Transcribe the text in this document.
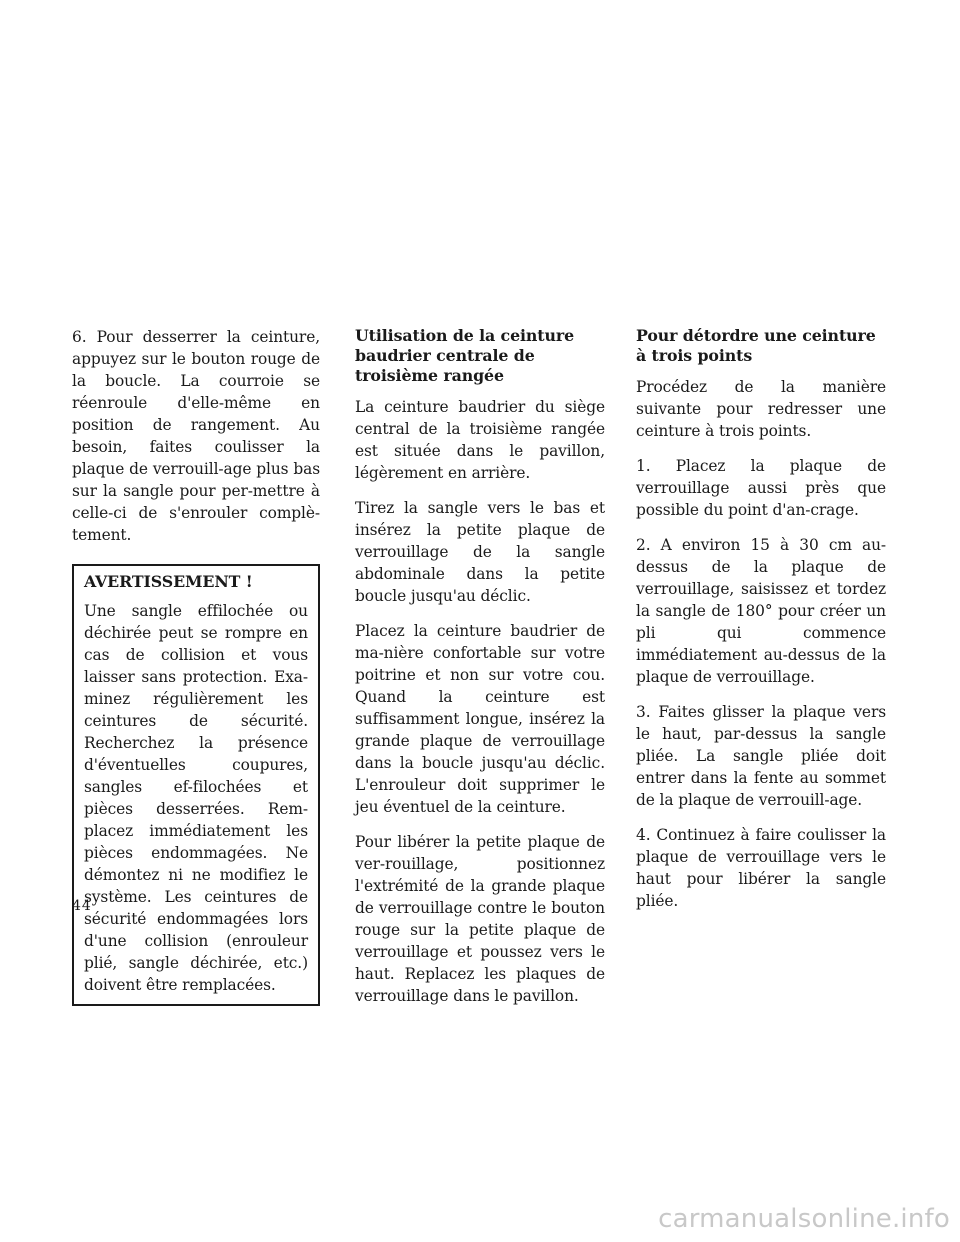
6. Pour desserrer la ceinture, appuyez sur le bouton rouge de la boucle. La courroie se réenroule d'elle-même en position de rangement. Au besoin, faites coulisser la plaque de verrouill-age plus bas sur la sangle pour per-mettre à celle-ci de s'enrouler complè-tement.

AVERTISSEMENT !

Une sangle effilochée ou déchirée peut se rompre en cas de collision et vous laisser sans protection. Exa-minez régulièrement les ceintures de sécurité. Recherchez la présence d'éventuelles coupures, sangles ef-filochées et pièces desserrées. Rem-placez immédiatement les pièces endommagées. Ne démontez ni ne modifiez le système. Les ceintures de sécurité endommagées lors d'une collision (enrouleur plié, sangle déchirée, etc.) doivent être remplacées.

Utilisation de la ceinture baudrier centrale de troisième rangée

La ceinture baudrier du siège central de la troisième rangée est située dans le pavillon, légèrement en arrière.

Tirez la sangle vers le bas et insérez la petite plaque de verrouillage de la sangle abdominale dans la petite boucle jusqu'au déclic.

Placez la ceinture baudrier de ma-nière confortable sur votre poitrine et non sur votre cou. Quand la ceinture est suffisamment longue, insérez la grande plaque de verrouillage dans la boucle jusqu'au déclic. L'enrouleur doit supprimer le jeu éventuel de la ceinture.

Pour libérer la petite plaque de ver-rouillage, positionnez l'extrémité de la grande plaque de verrouillage contre le bouton rouge sur la petite plaque de verrouillage et poussez vers le haut. Replacez les plaques de verrouillage dans le pavillon.

Pour détordre une ceinture à trois points

Procédez de la manière suivante pour redresser une ceinture à trois points.

1. Placez la plaque de verrouillage aussi près que possible du point d'an-crage.

2. A environ 15 à 30 cm au-dessus de la plaque de verrouillage, saisissez et tordez la sangle de 180° pour créer un pli qui commence immédiatement au-dessus de la plaque de verrouillage.

3. Faites glisser la plaque vers le haut, par-dessus la sangle pliée. La sangle pliée doit entrer dans la fente au sommet de la plaque de verrouill-age.

4. Continuez à faire coulisser la plaque de verrouillage vers le haut pour libérer la sangle pliée.

44
carmanualsonline.info
